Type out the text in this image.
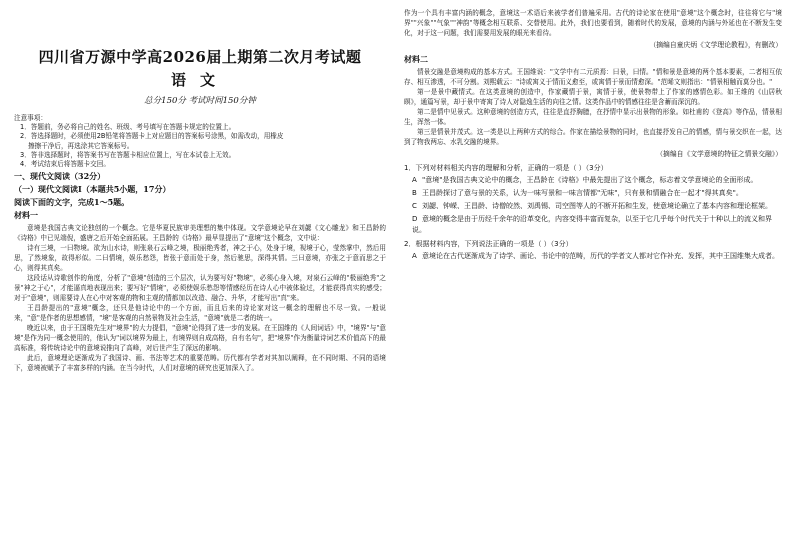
四川省万源中学高2026届上期第二次月考试题
语文
总分150分 考试时间150分钟
注意事项：
1．答题前，务必将自己的姓名、班级、考号填写在答题卡规定的位置上。
2．答选择题时，必须使用2B铅笔将答题卡上对应题目的答案标号涂黑，如需改动，用橡皮
擦擦干净后，再选涂其它答案标号。
3．答非选择题时，将答案书写在答题卡相应位置上，写在本试卷上无效。
4．考试结束后将答题卡交回。
一、现代文阅读（32分）
（一）现代文阅读Ⅰ（本题共5小题，17分）
阅读下面的文字，完成1～5题。
材料一

意境是我国古典文论独创的一个概念。它是华夏民族审美理想的集中体现。文学意境论早在刘勰《文心雕龙》和王昌龄的《诗格》中已见端倪，盛唐之后开始全面拓展。王昌龄的《诗格》最早显提出了"意境"这个概念，文中说：

诗有三境，一曰物境。欲为山水诗，则张泉石云峰之境，极丽绝秀者，神之于心，处身于境，视境于心，莹然掌中，然后用思，了然境象，故得形似。二曰情境，娱乐愁怨，皆张于意而处于身，然后驰思，深得其情。三曰意境，亦张之于意而思之于心，则得其真矣。

这段话从诗歌创作的角度，分析了"意境"创造的三个层次，认为要写好"物境"，必须心身入境，对泉石云峰的"极丽绝秀"之景"神之于心"，才能逼真地表现出来；要写好"情境"，必须使娱乐愁怨等情感经历在诗人心中被体验过，才能获得真实的感受；对于"意境"，则需要诗人在心中对客观的物和主观的情都加以改造、融合、升华，才能写出"真"来。

王昌龄提出的"意境"概念，还只是他诗论中的一个方面，而且后来的诗论家对这一概念的理解也不尽一致。一般说来，"意"是作者的思想感情，"境"是客观的自然景物及社会生活，"意境"就是二者的统一。

晚近以来，由于王国维先生对"境界"的大力提倡，"意境"论得到了进一步的发展。在王国维的《人间词话》中，"境界"与"意境"是作为同一概念使用的，他认为"词以境界为最上，有境界则自成高格，自有名句"，把"境界"作为衡量诗词艺术价值高下的最高标准，将传统诗论中的意境说推向了高峰，对后世产生了深远的影响。

此后，意境理论逐渐成为了我国诗、画、书法等艺术的重要范畴。历代都有学者对其加以阐释，在不同时期、不同的语境下，意境被赋予了丰富多样的内涵。在当今时代，人们对意境的研究也更加深入了。

作为一个具有丰富内涵的概念，意境这一术语后来被学者们普遍采用。古代的诗论家在使用"意境"这个概念时，往往将它与"境界""兴象""气象""神韵"等概念相互联系、交替使用。此外，我们也要看到，随着时代的发展，意境的内涵与外延也在不断发生变化，对于这一问题，我们需要用发展的眼光来看待。

（摘编自童庆炳《文学理论教程》，有删改）
材料二

情景交融是意境构成的基本方式。王国维说："文学中有二元质焉：曰景，曰情。"情和景是意境的两个基本要素，二者相互依存、相互渗透，不可分割。刘熙载云："诗或寓义于情而义愈至，或寓情于景而情愈深。"范晞文则指出："情景相触而莫分也。"

第一是景中藏情式。在这类意境的创造中，作家藏情于景，寓情于景，使景物带上了作家的感情色彩。如王维的《山居秋暝》，通篇写景，却于景中寄寓了诗人对隐逸生活的向往之情。这类作品中的情感往往是含蓄而深沉的。

第二是情中见景式。这种意境的创造方式，往往是直抒胸臆，在抒情中显示出景物的形象。如杜甫的《登高》等作品，情景相生，浑然一体。

第三是情景并茂式。这一类是以上两种方式的综合。作家在描绘景物的同时，也直接抒发自己的情感，情与景交织在一起，达到了物我两忘、水乳交融的境界。

（摘编自《文学意境的特征之情景交融》）
1．下列对材料相关内容的理解和分析，正确的一项是（ ）（3分）
A "意境"是我国古典文论中的概念，王昌龄在《诗格》中最先提出了这个概念，标志着文学意境论的全面形成。
B 王昌龄探讨了意与景的关系，认为一味写景和一味言情都"无味"，只有景和情融合在一起才"得其真矣"。
C 刘勰、钟嵘、王昌龄、诗僧皎然、刘禹锡、司空图等人的不断开拓和生发，使意境论确立了基本内容和理论框架。
D 意境的概念是由于历经千余年的沿革变化，内容变得丰富而复杂，以至于它几乎每个时代关于十种以上的流义和界说。
2．根据材料内容，下列说法正确的一项是（ ）（3分）
A 意境论在古代逐渐成为了诗学、画论、书论中的范畴，历代的学者文人都对它作补充、发挥，其中王国维集大成者。
